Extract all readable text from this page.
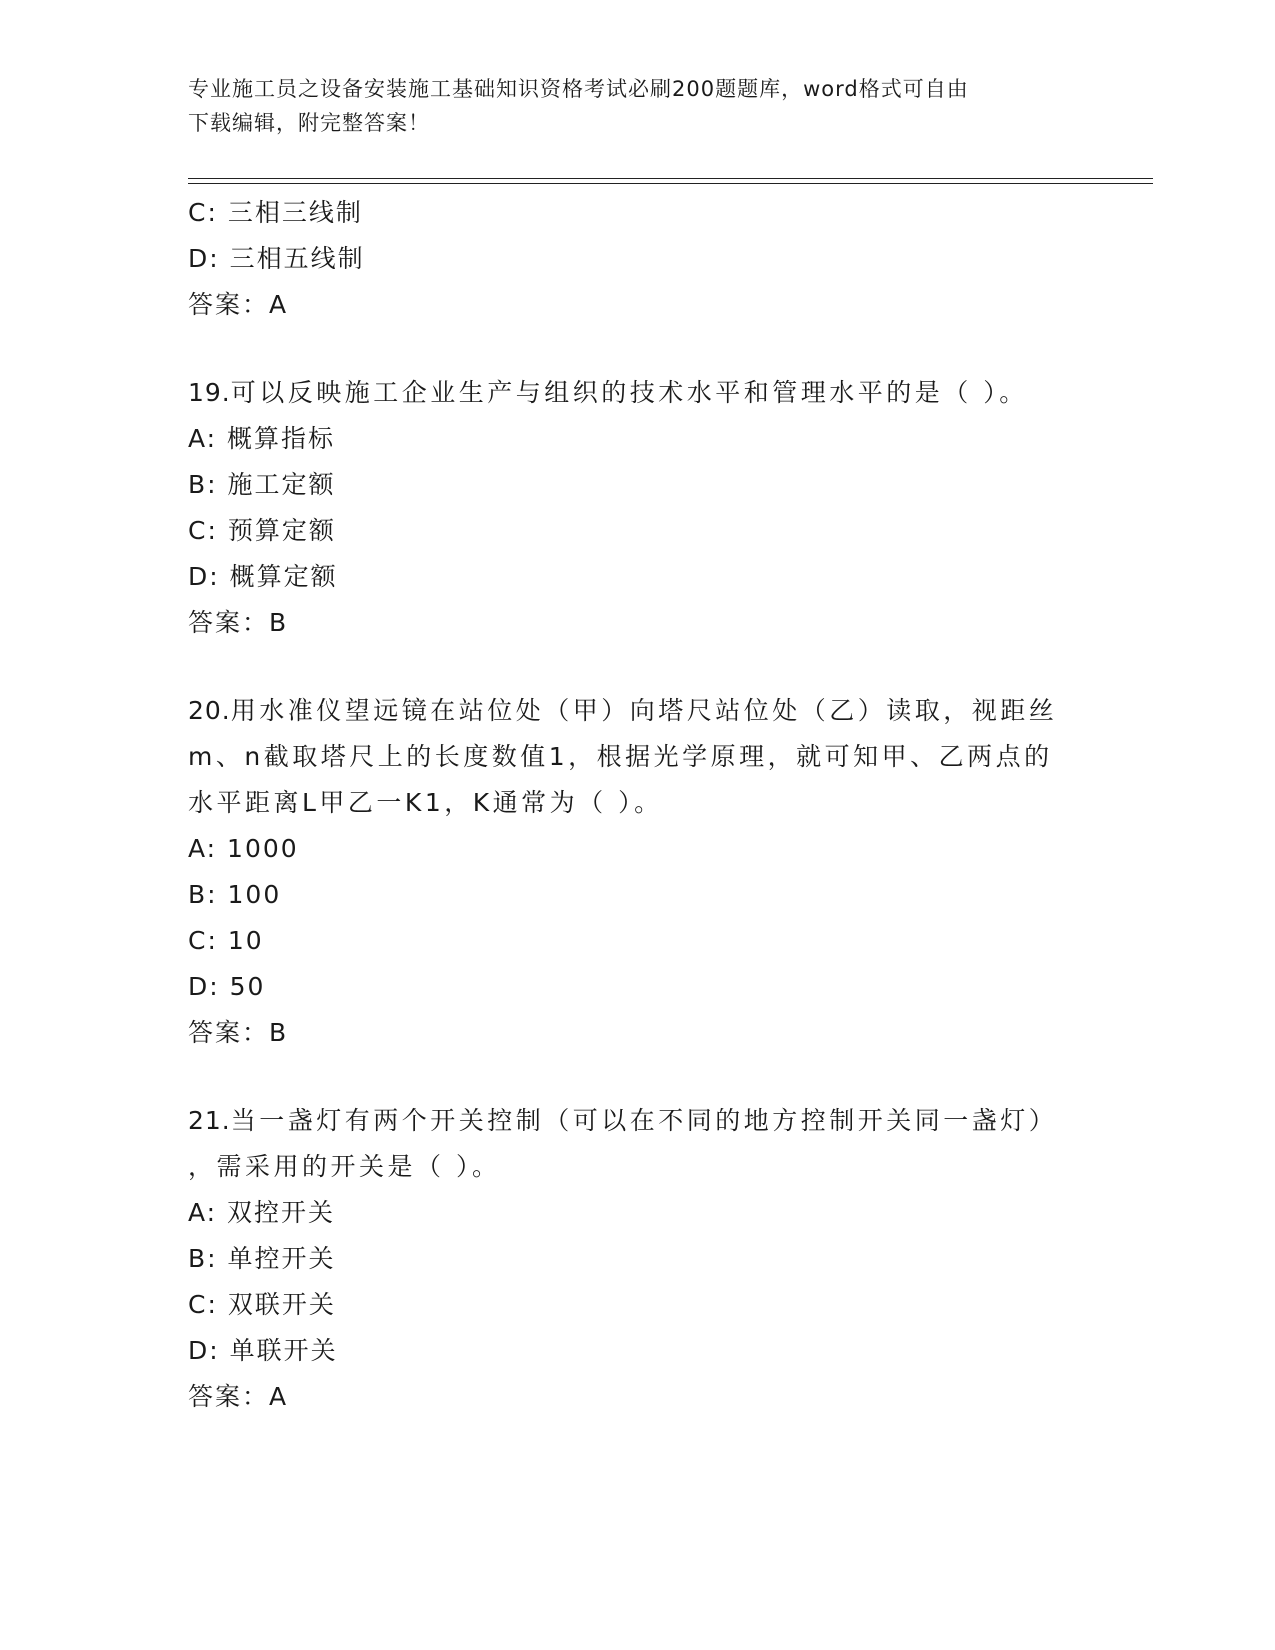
专业施工员之设备安装施工基础知识资格考试必刷200题题库，word格式可自由
下载编辑，附完整答案！
C: 三相三线制
D: 三相五线制
答案：A
19.可以反映施工企业生产与组织的技术水平和管理水平的是（ ）。
A: 概算指标
B: 施工定额
C: 预算定额
D: 概算定额
答案：B
20.用水准仪望远镜在站位处（甲）向塔尺站位处（乙）读取，视距丝
m、n截取塔尺上的长度数值1，根据光学原理，就可知甲、乙两点的
水平距离L甲乙一K1，K通常为（ ）。
A: 1000
B: 100
C: 10
D: 50
答案：B
21.当一盏灯有两个开关控制（可以在不同的地方控制开关同一盏灯）
，需采用的开关是（ ）。
A: 双控开关
B: 单控开关
C: 双联开关
D: 单联开关
答案：A
